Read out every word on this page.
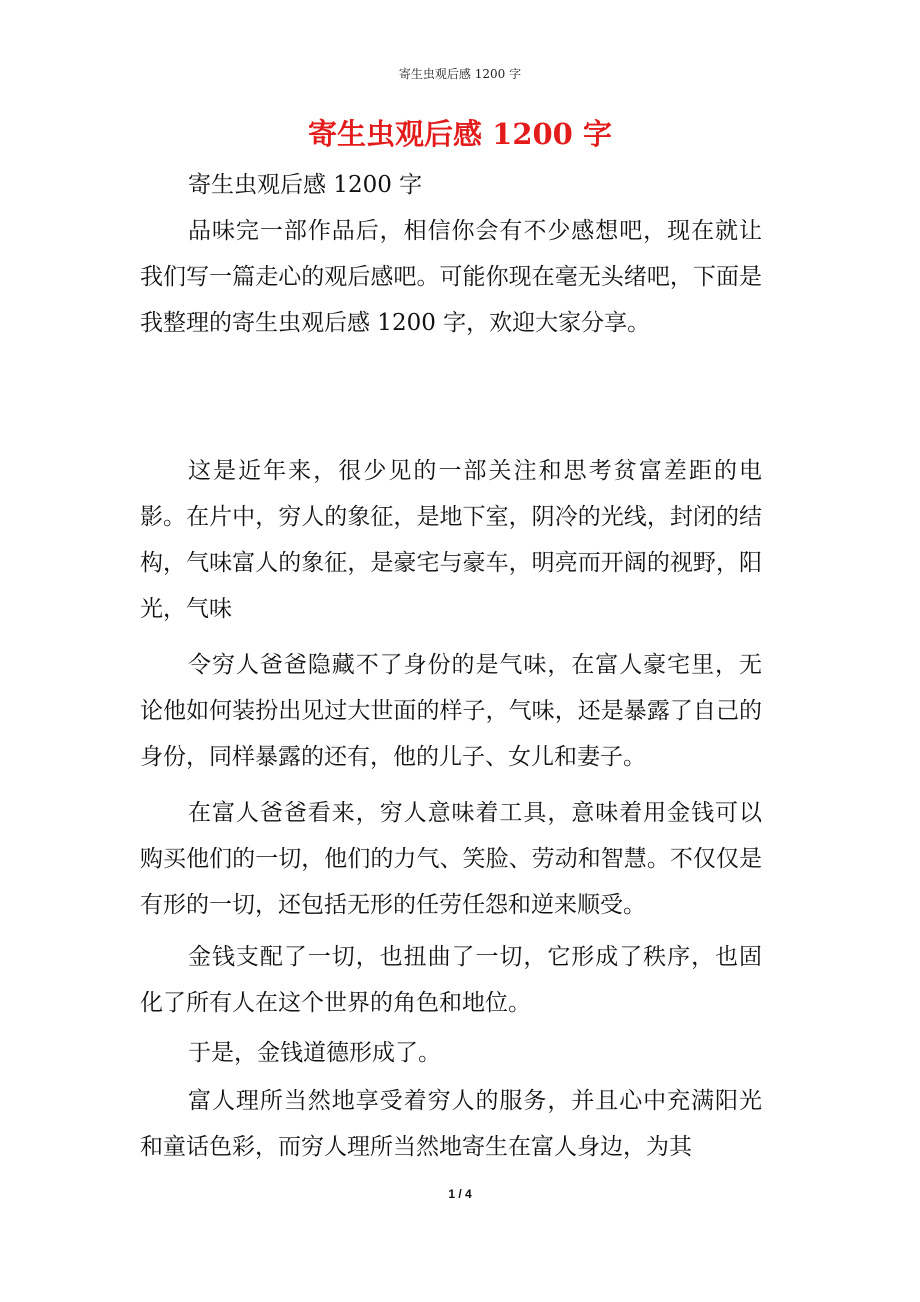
寄生虫观后感 1200 字
寄生虫观后感 1200 字

寄生虫观后感 1200 字

品味完一部作品后，相信你会有不少感想吧，现在就让我们写一篇走心的观后感吧。可能你现在毫无头绪吧，下面是我整理的寄生虫观后感 1200 字，欢迎大家分享。

这是近年来，很少见的一部关注和思考贫富差距的电影。在片中，穷人的象征，是地下室，阴冷的光线，封闭的结构，气味富人的象征，是豪宅与豪车，明亮而开阔的视野，阳光，气味

令穷人爸爸隐藏不了身份的是气味，在富人豪宅里，无论他如何装扮出见过大世面的样子，气味，还是暴露了自己的身份，同样暴露的还有，他的儿子、女儿和妻子。

在富人爸爸看来，穷人意味着工具，意味着用金钱可以购买他们的一切，他们的力气、笑脸、劳动和智慧。不仅仅是有形的一切，还包括无形的任劳任怨和逆来顺受。

金钱支配了一切，也扭曲了一切，它形成了秩序，也固化了所有人在这个世界的角色和地位。

于是，金钱道德形成了。

富人理所当然地享受着穷人的服务，并且心中充满阳光和童话色彩，而穷人理所当然地寄生在富人身边，为其

1 / 4
